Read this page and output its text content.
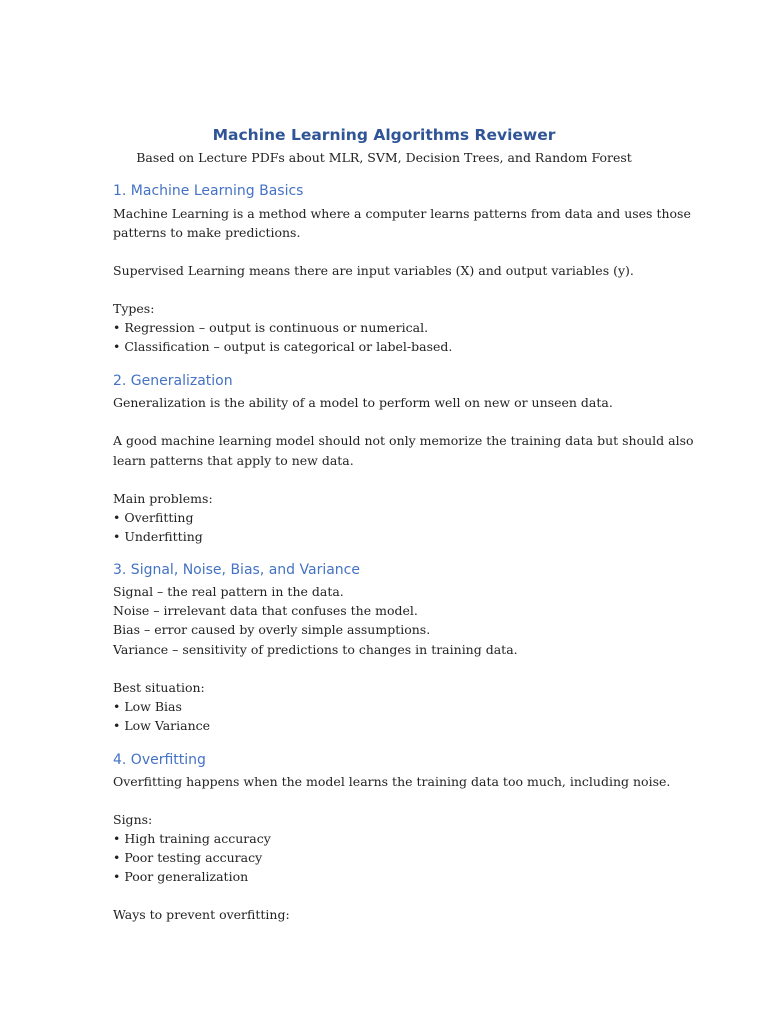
Machine Learning Algorithms Reviewer
Based on Lecture PDFs about MLR, SVM, Decision Trees, and Random Forest
1. Machine Learning Basics
Machine Learning is a method where a computer learns patterns from data and uses those
patterns to make predictions.
Supervised Learning means there are input variables (X) and output variables (y).
Types:
• Regression – output is continuous or numerical.
• Classification – output is categorical or label-based.
2. Generalization
Generalization is the ability of a model to perform well on new or unseen data.
A good machine learning model should not only memorize the training data but should also
learn patterns that apply to new data.
Main problems:
• Overfitting
• Underfitting
3. Signal, Noise, Bias, and Variance
Signal – the real pattern in the data.
Noise – irrelevant data that confuses the model.
Bias – error caused by overly simple assumptions.
Variance – sensitivity of predictions to changes in training data.
Best situation:
• Low Bias
• Low Variance
4. Overfitting
Overfitting happens when the model learns the training data too much, including noise.
Signs:
• High training accuracy
• Poor testing accuracy
• Poor generalization
Ways to prevent overfitting:
